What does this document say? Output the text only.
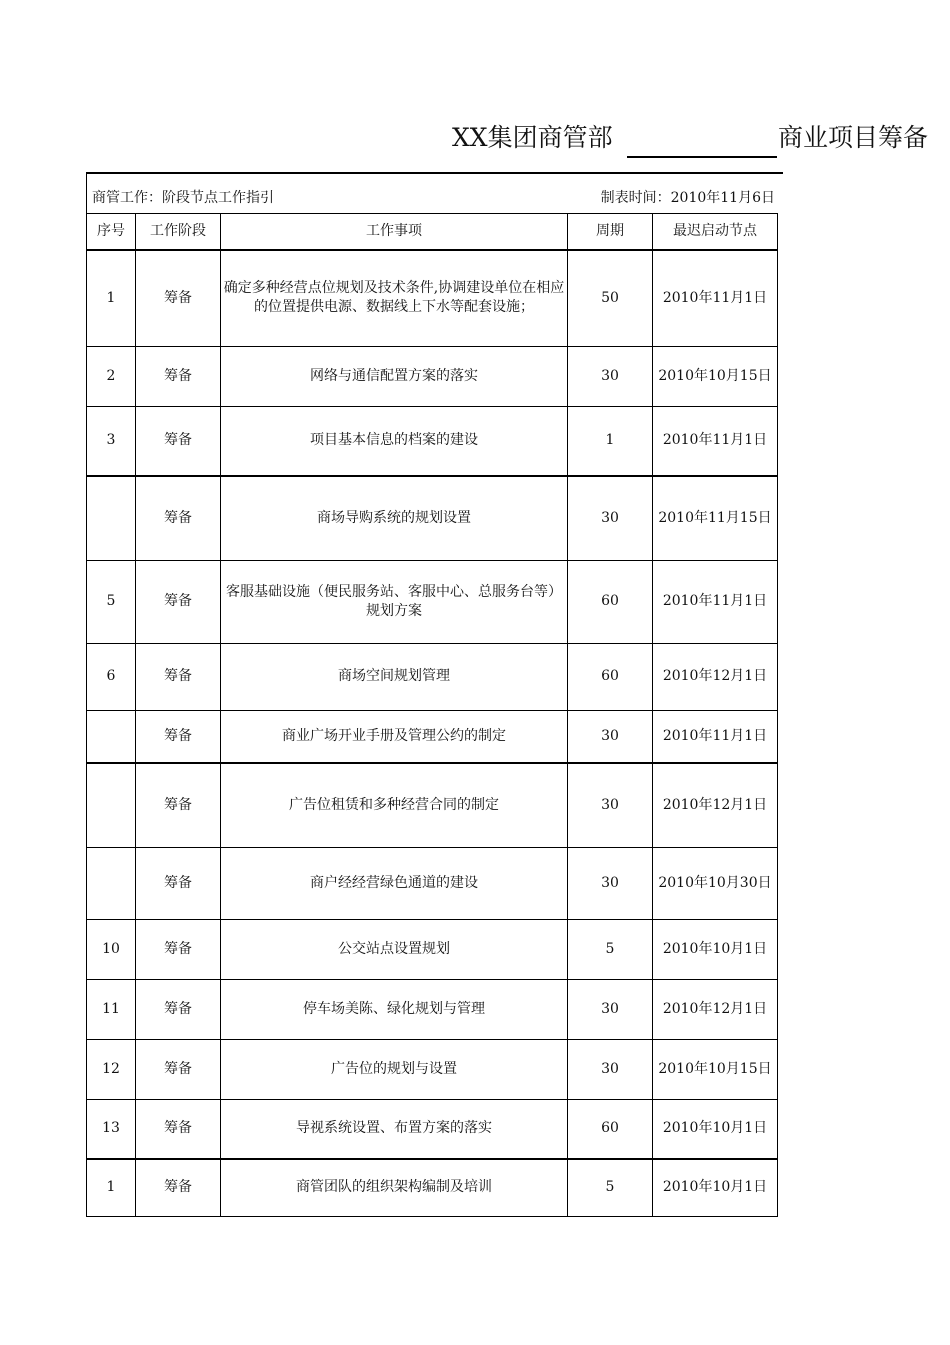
XX集团商管部	商业项目筹备
商管工作：阶段节点工作指引	制表时间：2010年11月6日
序号	工作阶段	工作事项	周期	最迟启动节点
1	筹备	确定多种经营点位规划及技术条件,协调建设单位在相应的位置提供电源、数据线上下水等配套设施；	50	2010年11月1日
2	筹备	网络与通信配置方案的落实	30	2010年10月15日
3	筹备	项目基本信息的档案的建设	1	2010年11月1日
	筹备	商场导购系统的规划设置	30	2010年11月15日
5	筹备	客服基础设施（便民服务站、客服中心、总服务台等）规划方案	60	2010年11月1日
6	筹备	商场空间规划管理	60	2010年12月1日
	筹备	商业广场开业手册及管理公约的制定	30	2010年11月1日
	筹备	广告位租赁和多种经营合同的制定	30	2010年12月1日
	筹备	商户经经营绿色通道的建设	30	2010年10月30日
10	筹备	公交站点设置规划	5	2010年10月1日
11	筹备	停车场美陈、绿化规划与管理	30	2010年12月1日
12	筹备	广告位的规划与设置	30	2010年10月15日
13	筹备	导视系统设置、布置方案的落实	60	2010年10月1日
1	筹备	商管团队的组织架构编制及培训	5	2010年10月1日
